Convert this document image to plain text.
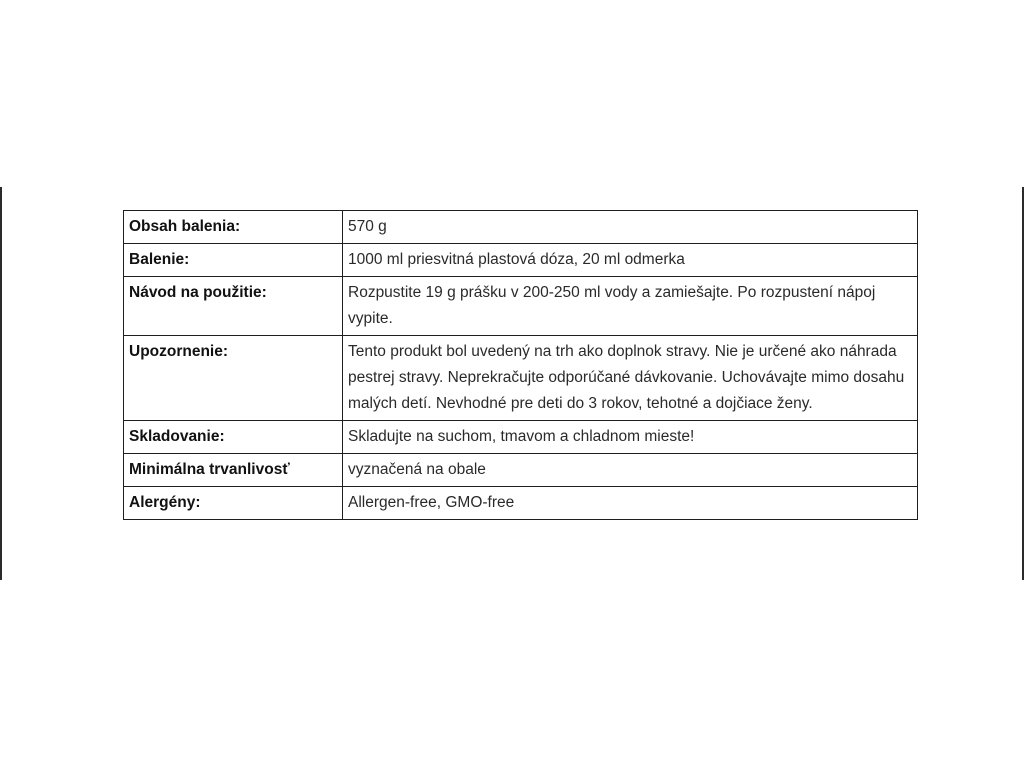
Obsah balenia:	570 g
Balenie:	1000 ml priesvitná plastová dóza, 20 ml odmerka
Návod na použitie:	Rozpustite 19 g prášku v 200-250 ml vody a zamiešajte. Po rozpustení nápoj vypite.
Upozornenie:	Tento produkt bol uvedený na trh ako doplnok stravy. Nie je určené ako náhrada pestrej stravy. Neprekračujte odporúčané dávkovanie. Uchovávajte mimo dosahu malých detí. Nevhodné pre deti do 3 rokov, tehotné a dojčiace ženy.
Skladovanie:	Skladujte na suchom, tmavom a chladnom mieste!
Minimálna trvanlivosť	vyznačená na obale
Alergény:	Allergen-free, GMO-free
